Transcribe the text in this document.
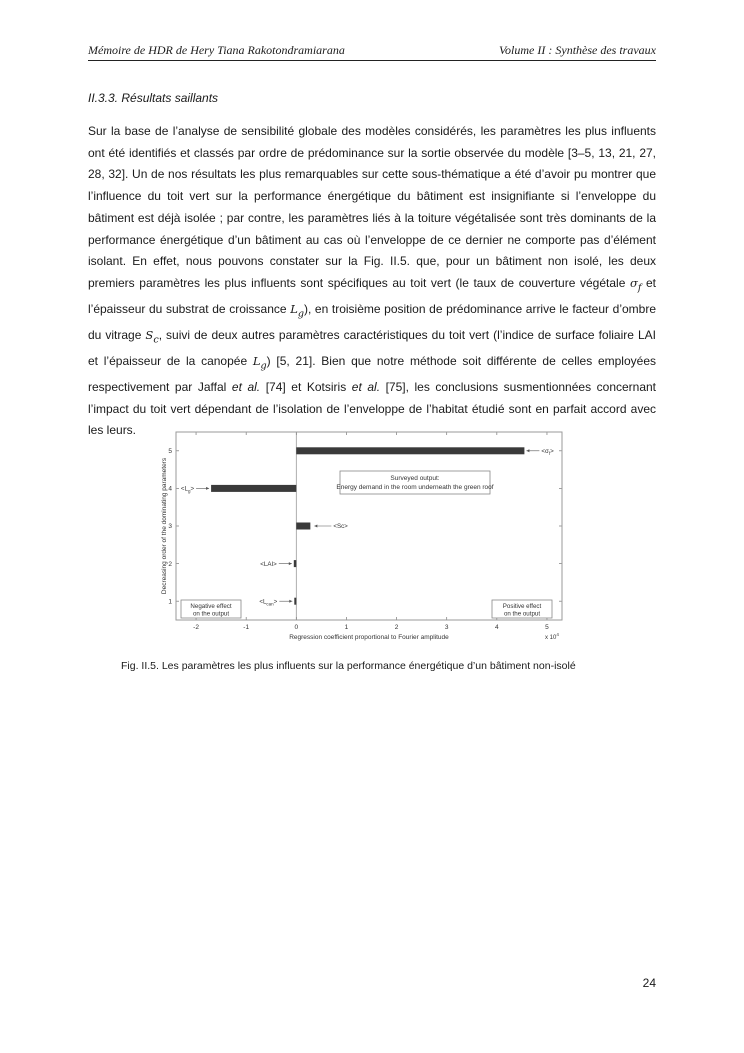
Mémoire de HDR de Hery Tiana Rakotondramiarana	Volume II : Synthèse des travaux
II.3.3. Résultats saillants
Sur la base de l’analyse de sensibilité globale des modèles considérés, les paramètres les plus influents ont été identifiés et classés par ordre de prédominance sur la sortie observée du modèle [3–5, 13, 21, 27, 28, 32]. Un de nos résultats les plus remarquables sur cette sous-thématique a été d’avoir pu montrer que l’influence du toit vert sur la performance énergétique du bâtiment est insignifiante si l’enveloppe du bâtiment est déjà isolée ; par contre, les paramètres liés à la toiture végétalisée sont très dominants de la performance énergétique d’un bâtiment au cas où l’enveloppe de ce dernier ne comporte pas d’élément isolant. En effet, nous pouvons constater sur la Fig. II.5. que, pour un bâtiment non isolé, les deux premiers paramètres les plus influents sont spécifiques au toit vert (le taux de couverture végétale $\sigma_f$ et l’épaisseur du substrat de croissance $L_g$), en troisième position de prédominance arrive le facteur d’ombre du vitrage $S_c$, suivi de deux autres paramètres caractéristiques du toit vert (l’indice de surface foliaire LAI et l’épaisseur de la canopée $L_g$) [5, 21]. Bien que notre méthode soit différente de celles employées respectivement par Jaffal et al. [74] et Kotsiris et al. [75], les conclusions susmentionnées concernant l’impact du toit vert dépendant de l’isolation de l’enveloppe de l’habitat étudié sont en parfait accord avec les leurs.
-2	-1	0	1	2	3	4	5
1
2
3
4
5	$<\sigma_f>$
$<L_g>$
<Sc>
<LAI>
$<L_{can}>$
Surveyed output:
Energy demand in the room underneath the green roof
Negative effect
on the output
Positive effect
on the output
Regression coefficient proportional to Fourier amplitude	x $10^4$
Decreasing order of the dominating parameters
Fig. II.5. Les paramètres les plus influents sur la performance énergétique d’un bâtiment non-isolé
24
